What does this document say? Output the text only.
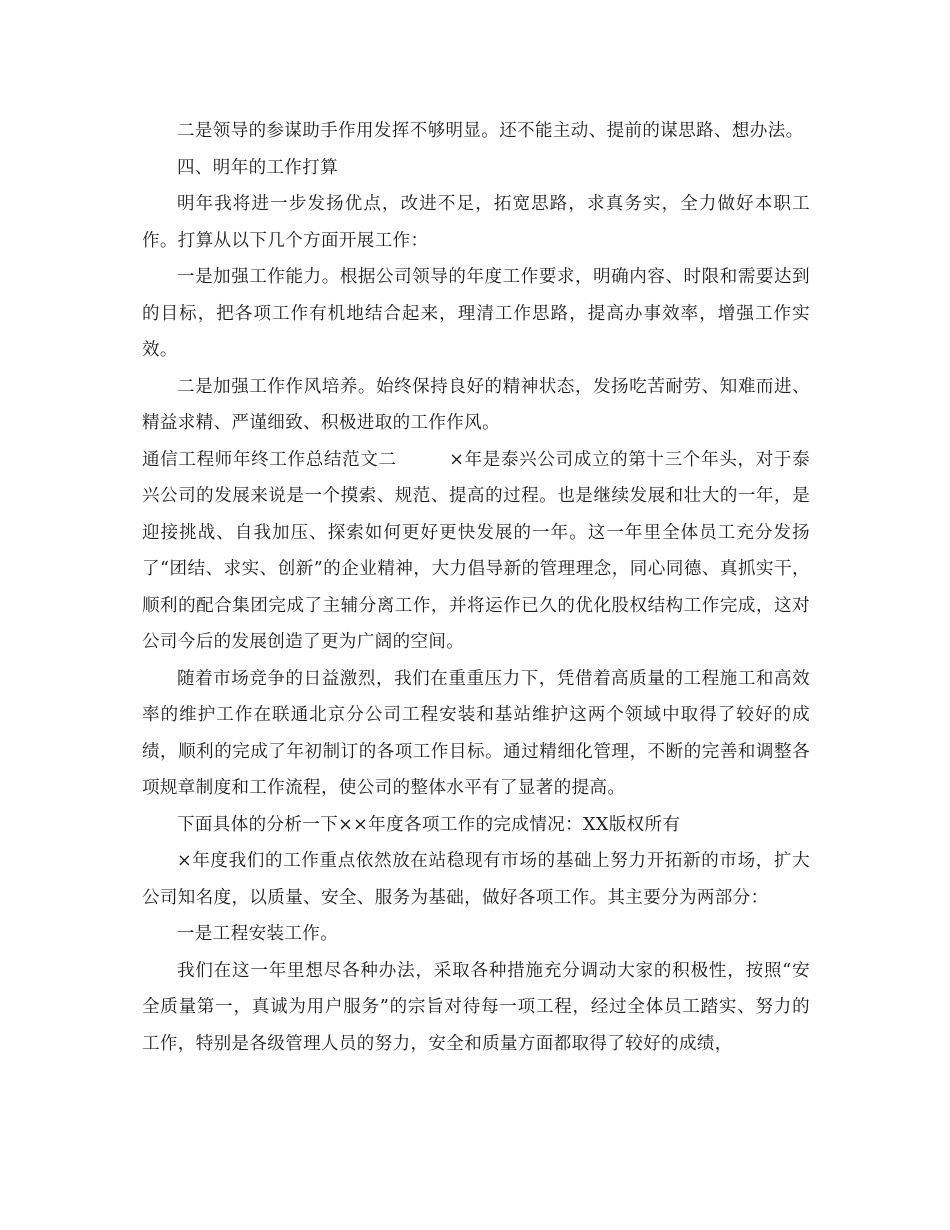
二是领导的参谋助手作用发挥不够明显。还不能主动、提前的谋思路、想办法。

四、明年的工作打算

明年我将进一步发扬优点，改进不足，拓宽思路，求真务实，全力做好本职工作。打算从以下几个方面开展工作：

一是加强工作能力。根据公司领导的年度工作要求，明确内容、时限和需要达到的目标，把各项工作有机地结合起来，理清工作思路，提高办事效率，增强工作实效。

二是加强工作作风培养。始终保持良好的精神状态，发扬吃苦耐劳、知难而进、精益求精、严谨细致、积极进取的工作作风。

通信工程师年终工作总结范文二	×年是泰兴公司成立的第十三个年头，对于泰兴公司的发展来说是一个摸索、规范、提高的过程。也是继续发展和壮大的一年，是迎接挑战、自我加压、探索如何更好更快发展的一年。这一年里全体员工充分发扬了“团结、求实、创新”的企业精神，大力倡导新的管理理念，同心同德、真抓实干，顺利的配合集团完成了主辅分离工作，并将运作已久的优化股权结构工作完成，这对公司今后的发展创造了更为广阔的空间。

随着市场竞争的日益激烈，我们在重重压力下，凭借着高质量的工程施工和高效率的维护工作在联通北京分公司工程安装和基站维护这两个领域中取得了较好的成绩，顺利的完成了年初制订的各项工作目标。通过精细化管理，不断的完善和调整各项规章制度和工作流程，使公司的整体水平有了显著的提高。

下面具体的分析一下××年度各项工作的完成情况：XX版权所有

×年度我们的工作重点依然放在站稳现有市场的基础上努力开拓新的市场，扩大公司知名度，以质量、安全、服务为基础，做好各项工作。其主要分为两部分：

一是工程安装工作。

我们在这一年里想尽各种办法，采取各种措施充分调动大家的积极性，按照“安全质量第一，真诚为用户服务”的宗旨对待每一项工程，经过全体员工踏实、努力的工作，特别是各级管理人员的努力，安全和质量方面都取得了较好的成绩，
